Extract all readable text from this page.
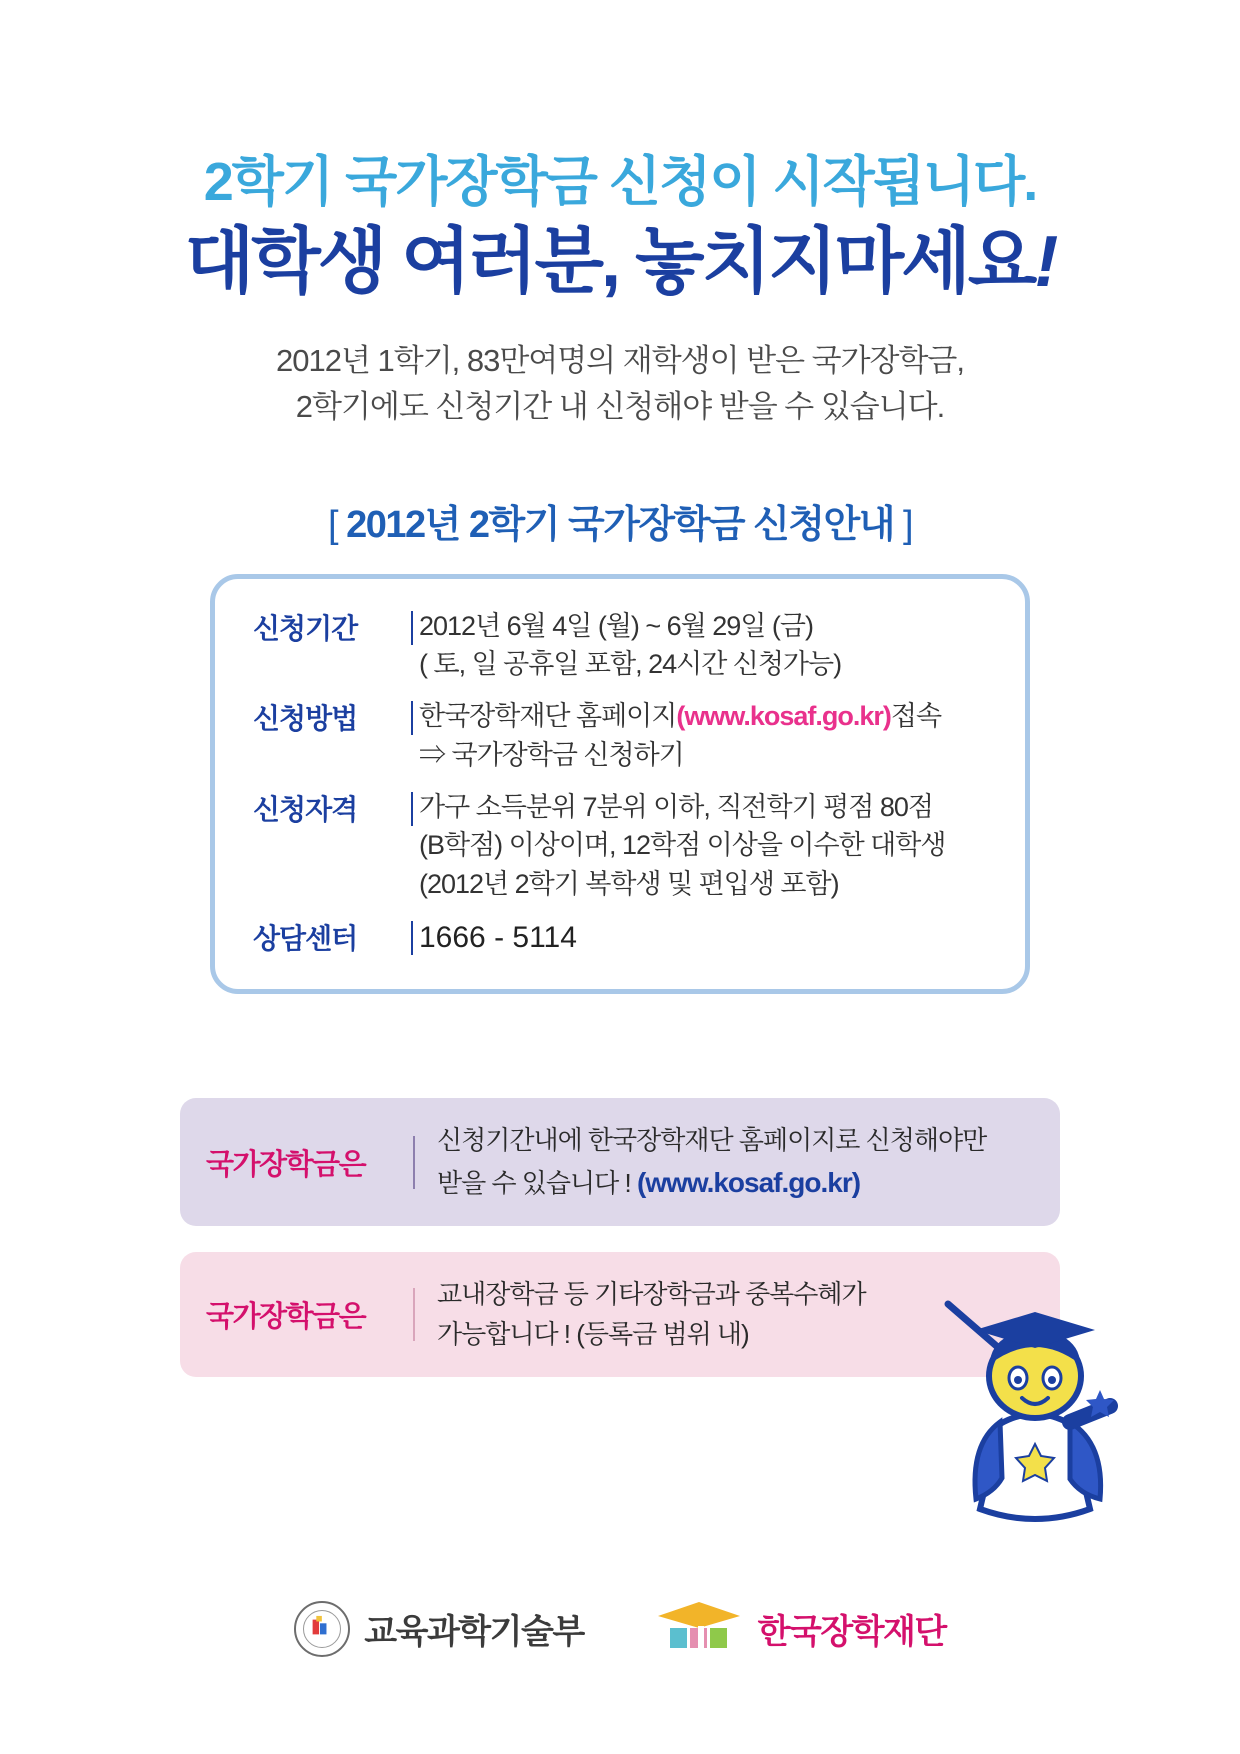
2학기 국가장학금 신청이 시작됩니다.
대학생 여러분, 놓치지마세요!
2012년 1학기, 83만여명의 재학생이 받은 국가장학금,
2학기에도 신청기간 내 신청해야 받을 수 있습니다.
[ 2012년 2학기 국가장학금 신청안내 ]
신청기간	2012년 6월 4일 (월) ~ 6월 29일 (금)
( 토, 일 공휴일 포함, 24시간 신청가능)
신청방법	한국장학재단 홈페이지(www.kosaf.go.kr)접속
⇒ 국가장학금 신청하기
신청자격	가구 소득분위 7분위 이하, 직전학기 평점 80점
(B학점) 이상이며, 12학점 이상을 이수한 대학생
(2012년 2학기 복학생 및 편입생 포함)
상담센터	1666 - 5114
국가장학금은
신청기간내에 한국장학재단 홈페이지로 신청해야만
받을 수 있습니다 ! (www.kosaf.go.kr)
국가장학금은
교내장학금 등 기타장학금과 중복수혜가
가능합니다 ! (등록금 범위 내)
교육과학기술부	한국장학재단
